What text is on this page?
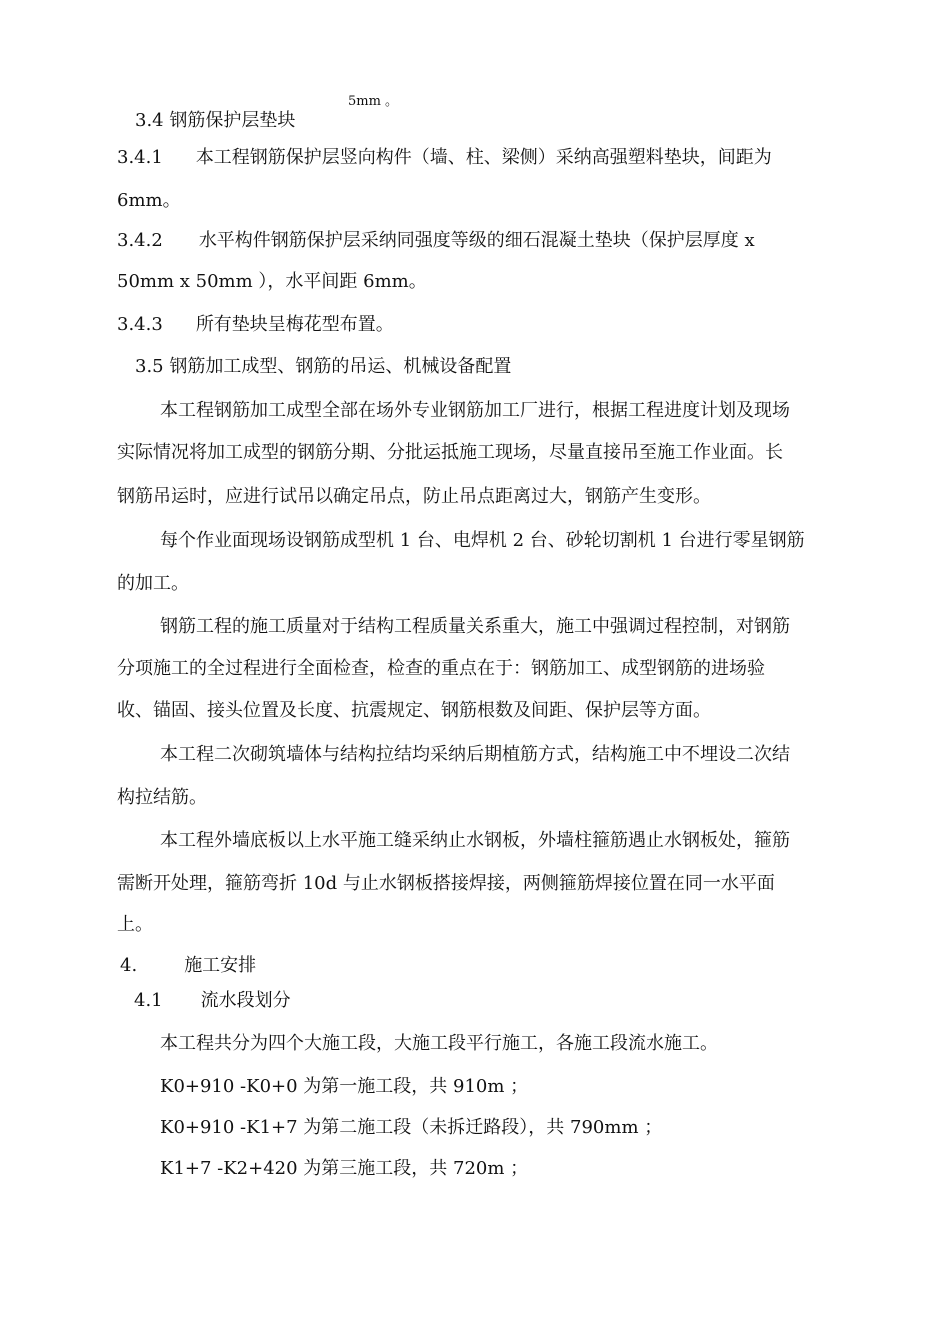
5mm 。
3.4 钢筋保护层垫块
3.4.1 本工程钢筋保护层竖向构件（墙、柱、梁侧）采纳高强塑料垫块，间距为
6mm。
3.4.2 水平构件钢筋保护层采纳同强度等级的细石混凝土垫块（保护层厚度 x
50mm x 50mm ），水平间距 6mm。
3.4.3 所有垫块呈梅花型布置。
3.5 钢筋加工成型、钢筋的吊运、机械设备配置
本工程钢筋加工成型全部在场外专业钢筋加工厂进行，根据工程进度计划及现场
实际情况将加工成型的钢筋分期、分批运抵施工现场，尽量直接吊至施工作业面。长
钢筋吊运时，应进行试吊以确定吊点，防止吊点距离过大，钢筋产生变形。
每个作业面现场设钢筋成型机 1 台、电焊机 2 台、砂轮切割机 1 台进行零星钢筋
的加工。
钢筋工程的施工质量对于结构工程质量关系重大，施工中强调过程控制，对钢筋
分项施工的全过程进行全面检查，检查的重点在于：钢筋加工、成型钢筋的进场验
收、锚固、接头位置及长度、抗震规定、钢筋根数及间距、保护层等方面。
本工程二次砌筑墙体与结构拉结均采纳后期植筋方式，结构施工中不埋设二次结
构拉结筋。
本工程外墙底板以上水平施工缝采纳止水钢板，外墙柱箍筋遇止水钢板处，箍筋
需断开处理，箍筋弯折 10d 与止水钢板搭接焊接，两侧箍筋焊接位置在同一水平面
上。
4.	施工安排
4.1 流水段划分
本工程共分为四个大施工段，大施工段平行施工，各施工段流水施工。
K0+910 -K0+0 为第一施工段，共 910m ；
K0+910 -K1+7 为第二施工段（未拆迁路段），共 790mm ；
K1+7 -K2+420 为第三施工段，共 720m ；
